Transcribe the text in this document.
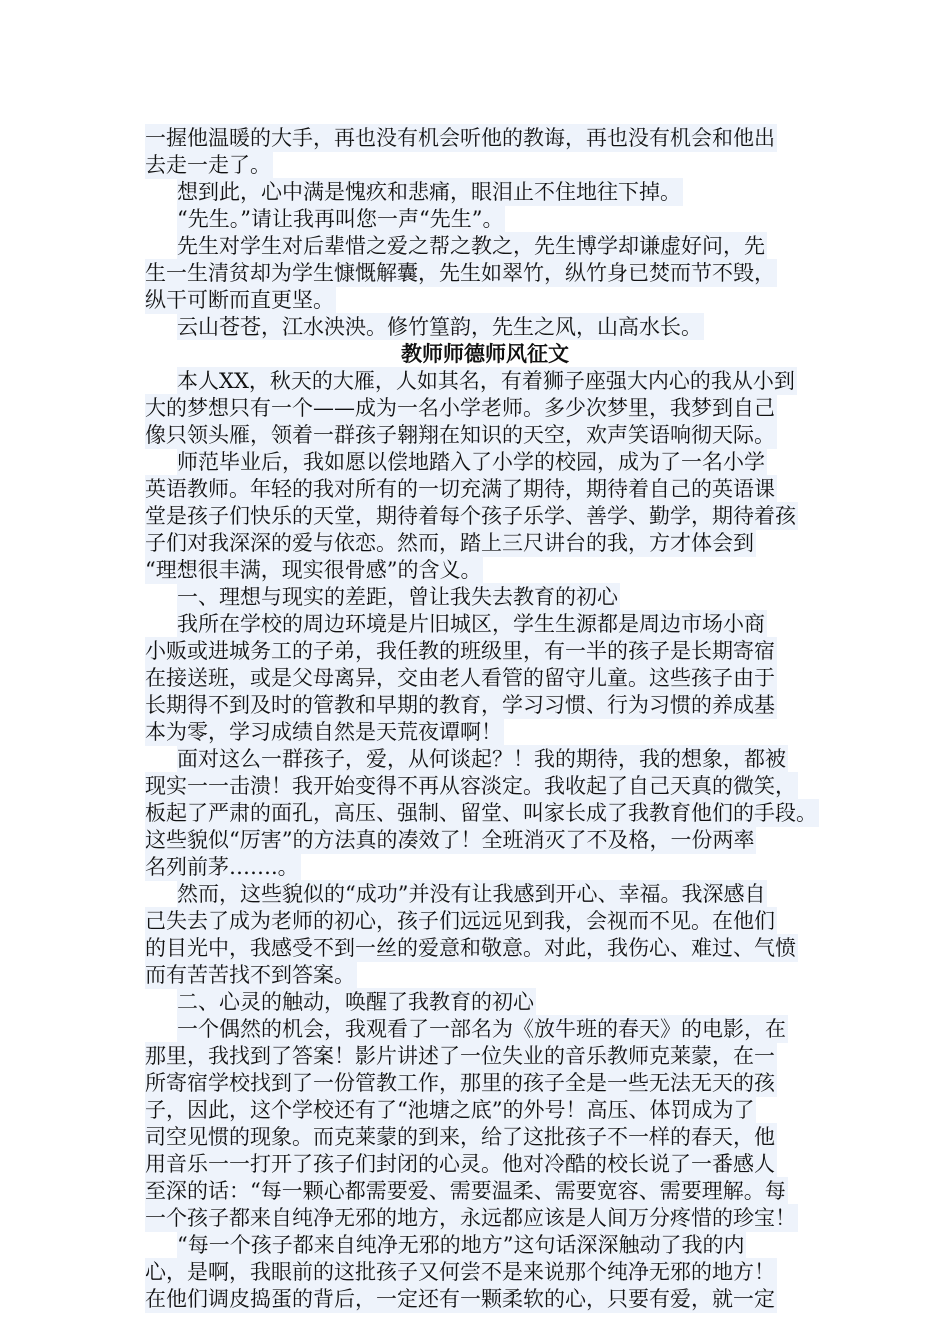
一握他温暖的大手，再也没有机会听他的教诲，再也没有机会和他出
去走一走了。
想到此，心中满是愧疚和悲痛，眼泪止不住地往下掉。
“先生。”请让我再叫您一声“先生”。
先生对学生对后辈惜之爱之帮之教之，先生博学却谦虚好问，先
生一生清贫却为学生慷慨解囊，先生如翠竹，纵竹身已焚而节不毁，
纵干可断而直更坚。
云山苍苍，江水泱泱。修竹篁韵，先生之风，山高水长。
教师师德师风征文
本人XX，秋天的大雁，人如其名，有着狮子座强大内心的我从小到
大的梦想只有一个——成为一名小学老师。多少次梦里，我梦到自己
像只领头雁，领着一群孩子翱翔在知识的天空，欢声笑语响彻天际。
师范毕业后，我如愿以偿地踏入了小学的校园，成为了一名小学
英语教师。年轻的我对所有的一切充满了期待，期待着自己的英语课
堂是孩子们快乐的天堂，期待着每个孩子乐学、善学、勤学，期待着孩
子们对我深深的爱与依恋。然而，踏上三尺讲台的我，方才体会到
“理想很丰满，现实很骨感”的含义。
一、理想与现实的差距，曾让我失去教育的初心
我所在学校的周边环境是片旧城区，学生生源都是周边市场小商
小贩或进城务工的子弟，我任教的班级里，有一半的孩子是长期寄宿
在接送班，或是父母离异，交由老人看管的留守儿童。这些孩子由于
长期得不到及时的管教和早期的教育，学习习惯、行为习惯的养成基
本为零，学习成绩自然是天荒夜谭啊！
面对这么一群孩子，爱，从何谈起？！我的期待，我的想象，都被
现实一一击溃！我开始变得不再从容淡定。我收起了自己天真的微笑，
板起了严肃的面孔，高压、强制、留堂、叫家长成了我教育他们的手段。
这些貌似“厉害”的方法真的凑效了！全班消灭了不及格，一份两率
名列前茅…….。
然而，这些貌似的“成功”并没有让我感到开心、幸福。我深感自
己失去了成为老师的初心，孩子们远远见到我，会视而不见。在他们
的目光中，我感受不到一丝的爱意和敬意。对此，我伤心、难过、气愤
而有苦苦找不到答案。
二、心灵的触动，唤醒了我教育的初心
一个偶然的机会，我观看了一部名为《放牛班的春天》的电影，在
那里，我找到了答案！影片讲述了一位失业的音乐教师克莱蒙，在一
所寄宿学校找到了一份管教工作，那里的孩子全是一些无法无天的孩
子，因此，这个学校还有了“池塘之底”的外号！高压、体罚成为了
司空见惯的现象。而克莱蒙的到来，给了这批孩子不一样的春天，他
用音乐一一打开了孩子们封闭的心灵。他对冷酷的校长说了一番感人
至深的话：“每一颗心都需要爱、需要温柔、需要宽容、需要理解。每
一个孩子都来自纯净无邪的地方，永远都应该是人间万分疼惜的珍宝！
“每一个孩子都来自纯净无邪的地方”这句话深深触动了我的内
心，是啊，我眼前的这批孩子又何尝不是来说那个纯净无邪的地方！
在他们调皮捣蛋的背后，一定还有一颗柔软的心，只要有爱，就一定
